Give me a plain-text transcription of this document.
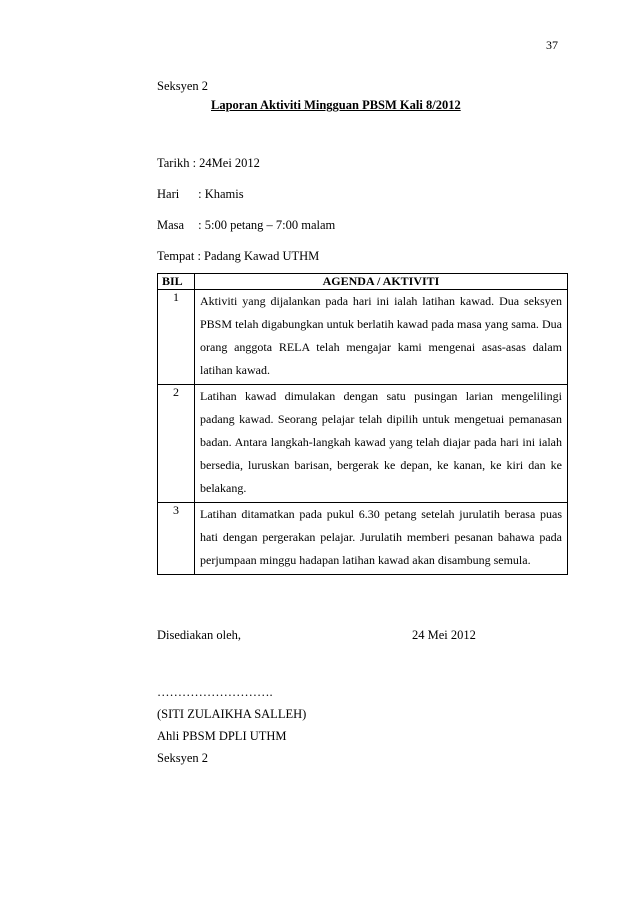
37
Seksyen 2
Laporan Aktiviti Mingguan PBSM Kali 8/2012
Tarikh : 24Mei 2012
Hari : Khamis
Masa : 5:00 petang – 7:00 malam
Tempat : Padang Kawad UTHM
BIL	AGENDA / AKTIVITI
1	Aktiviti yang dijalankan pada hari ini ialah latihan kawad. Dua seksyen PBSM telah digabungkan untuk berlatih kawad pada masa yang sama. Dua orang anggota RELA telah mengajar kami mengenai asas-asas dalam latihan kawad.
2	Latihan kawad dimulakan dengan satu pusingan larian mengelilingi padang kawad. Seorang pelajar telah dipilih untuk mengetuai pemanasan badan. Antara langkah-langkah kawad yang telah diajar pada hari ini ialah bersedia, luruskan barisan, bergerak ke depan, ke kanan, ke kiri dan ke belakang.
3	Latihan ditamatkan pada pukul 6.30 petang setelah jurulatih berasa puas hati dengan pergerakan pelajar. Jurulatih memberi pesanan bahawa pada perjumpaan minggu hadapan latihan kawad akan disambung semula.
Disediakan oleh,	24 Mei 2012
……………………….
(SITI ZULAIKHA SALLEH)
Ahli PBSM DPLI UTHM
Seksyen 2
